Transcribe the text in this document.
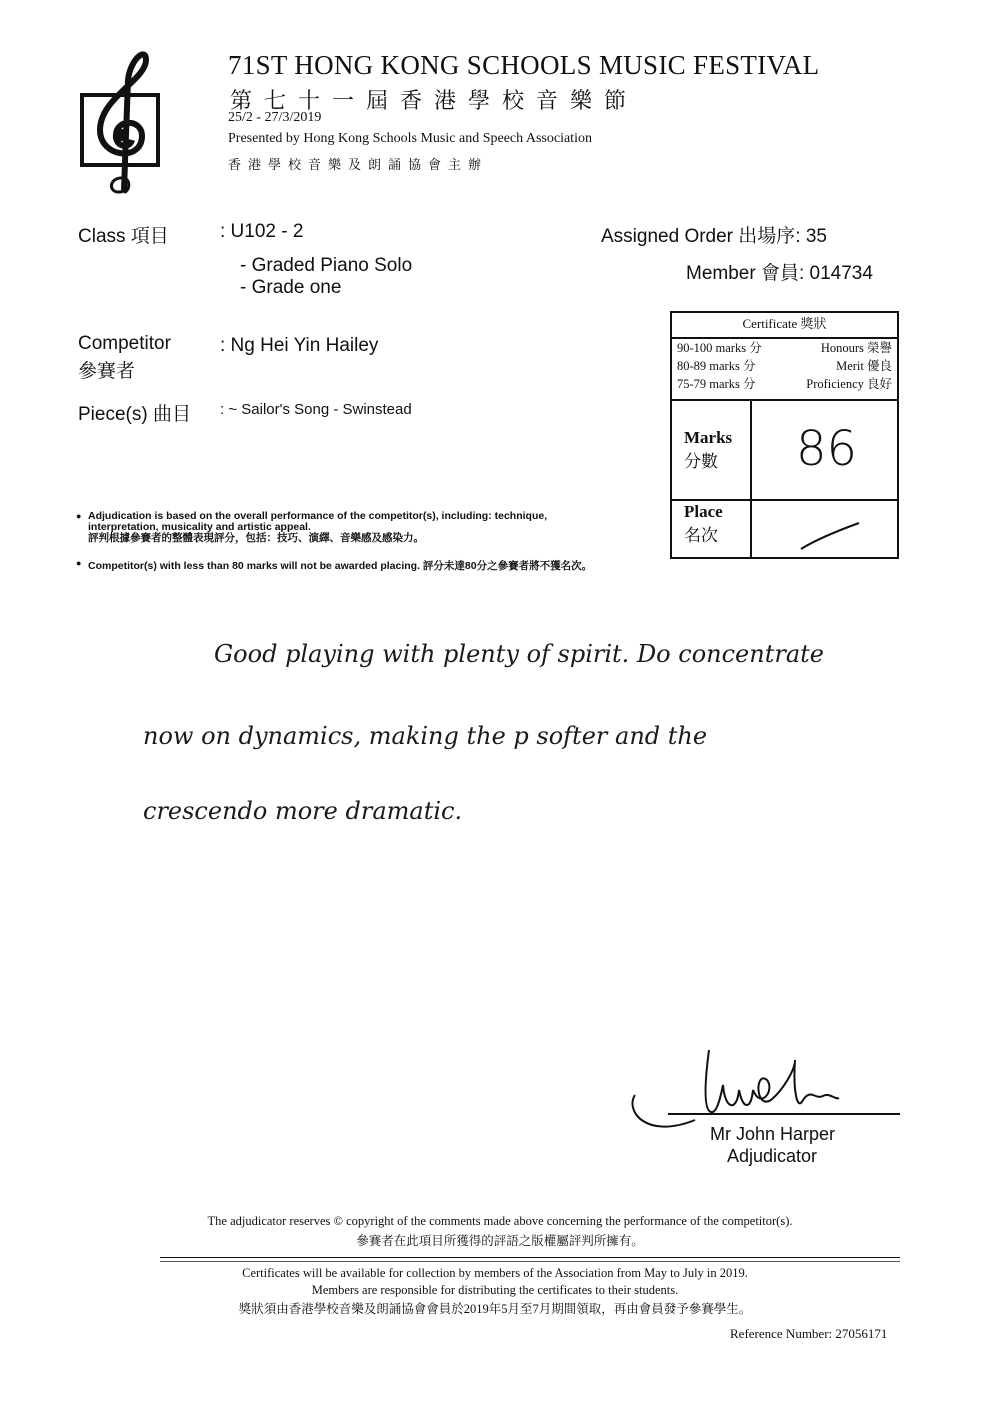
71ST HONG KONG SCHOOLS MUSIC FESTIVAL
第七十一屆香港學校音樂節
25/2 - 27/3/2019
Presented by Hong Kong Schools Music and Speech Association
香港學校音樂及朗誦協會主辦
Class 項目	: U102 - 2
- Graded Piano Solo
- Grade one
Assigned Order 出場序: 35
Member 會員: 014734
Competitor
參賽者
: Ng Hei Yin Hailey
Piece(s) 曲目 : ~ Sailor's Song - Swinstead
Certificate 獎狀
90-100 marks 分	Honours 榮譽
80-89 marks 分	Merit 優良
75-79 marks 分	Proficiency 良好
Marks
分數 86
Place
名次
● Adjudication is based on the overall performance of the competitor(s), including: technique, interpretation, musicality and artistic appeal.
評判根據參賽者的整體表現評分，包括：技巧、演繹、音樂感及感染力。
● Competitor(s) with less than 80 marks will not be awarded placing. 評分未達80分之參賽者將不獲名次。
Good playing with plenty of spirit. Do concentrate
now on dynamics, making the p softer and the
crescendo more dramatic.
Mr John Harper
Adjudicator
The adjudicator reserves © copyright of the comments made above concerning the performance of the competitor(s).
參賽者在此項目所獲得的評語之版權屬評判所擁有。
Certificates will be available for collection by members of the Association from May to July in 2019.
Members are responsible for distributing the certificates to their students.
獎狀須由香港學校音樂及朗誦協會會員於2019年5月至7月期間領取，再由會員發予參賽學生。
Reference Number: 27056171
